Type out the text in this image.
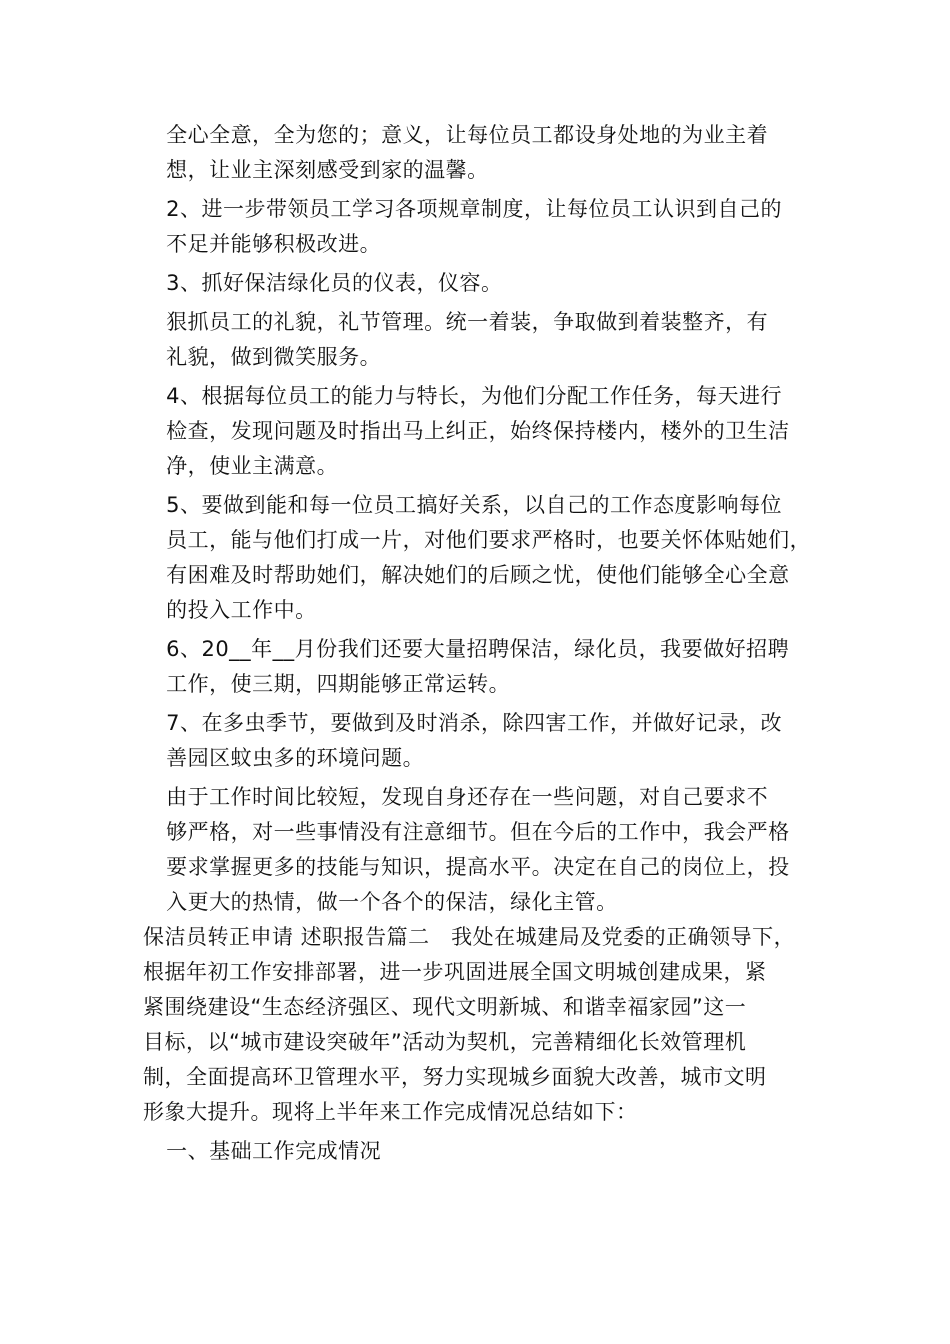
全心全意，全为您的；意义，让每位员工都设身处地的为业主着
想，让业主深刻感受到家的温馨。

2、进一步带领员工学习各项规章制度，让每位员工认识到自己的
不足并能够积极改进。

3、抓好保洁绿化员的仪表，仪容。

狠抓员工的礼貌，礼节管理。统一着装，争取做到着装整齐，有
礼貌，做到微笑服务。

4、根据每位员工的能力与特长，为他们分配工作任务，每天进行
检查，发现问题及时指出马上纠正，始终保持楼内，楼外的卫生洁
净，使业主满意。

5、要做到能和每一位员工搞好关系，以自己的工作态度影响每位
员工，能与他们打成一片，对他们要求严格时，也要关怀体贴她们，
有困难及时帮助她们，解决她们的后顾之忧，使他们能够全心全意
的投入工作中。

6、20__年__月份我们还要大量招聘保洁，绿化员，我要做好招聘
工作，使三期，四期能够正常运转。

7、在多虫季节，要做到及时消杀，除四害工作，并做好记录，改
善园区蚊虫多的环境问题。

由于工作时间比较短，发现自身还存在一些问题，对自己要求不
够严格，对一些事情没有注意细节。但在今后的工作中，我会严格
要求掌握更多的技能与知识，提高水平。决定在自己的岗位上，投
入更大的热情，做一个各个的保洁，绿化主管。

保洁员转正申请 述职报告篇二　我处在城建局及党委的正确领导下，
根据年初工作安排部署，进一步巩固进展全国文明城创建成果，紧
紧围绕建设“生态经济强区、现代文明新城、和谐幸福家园”这一
目标，以“城市建设突破年”活动为契机，完善精细化长效管理机
制，全面提高环卫管理水平，努力实现城乡面貌大改善，城市文明
形象大提升。现将上半年来工作完成情况总结如下：

一、基础工作完成情况
